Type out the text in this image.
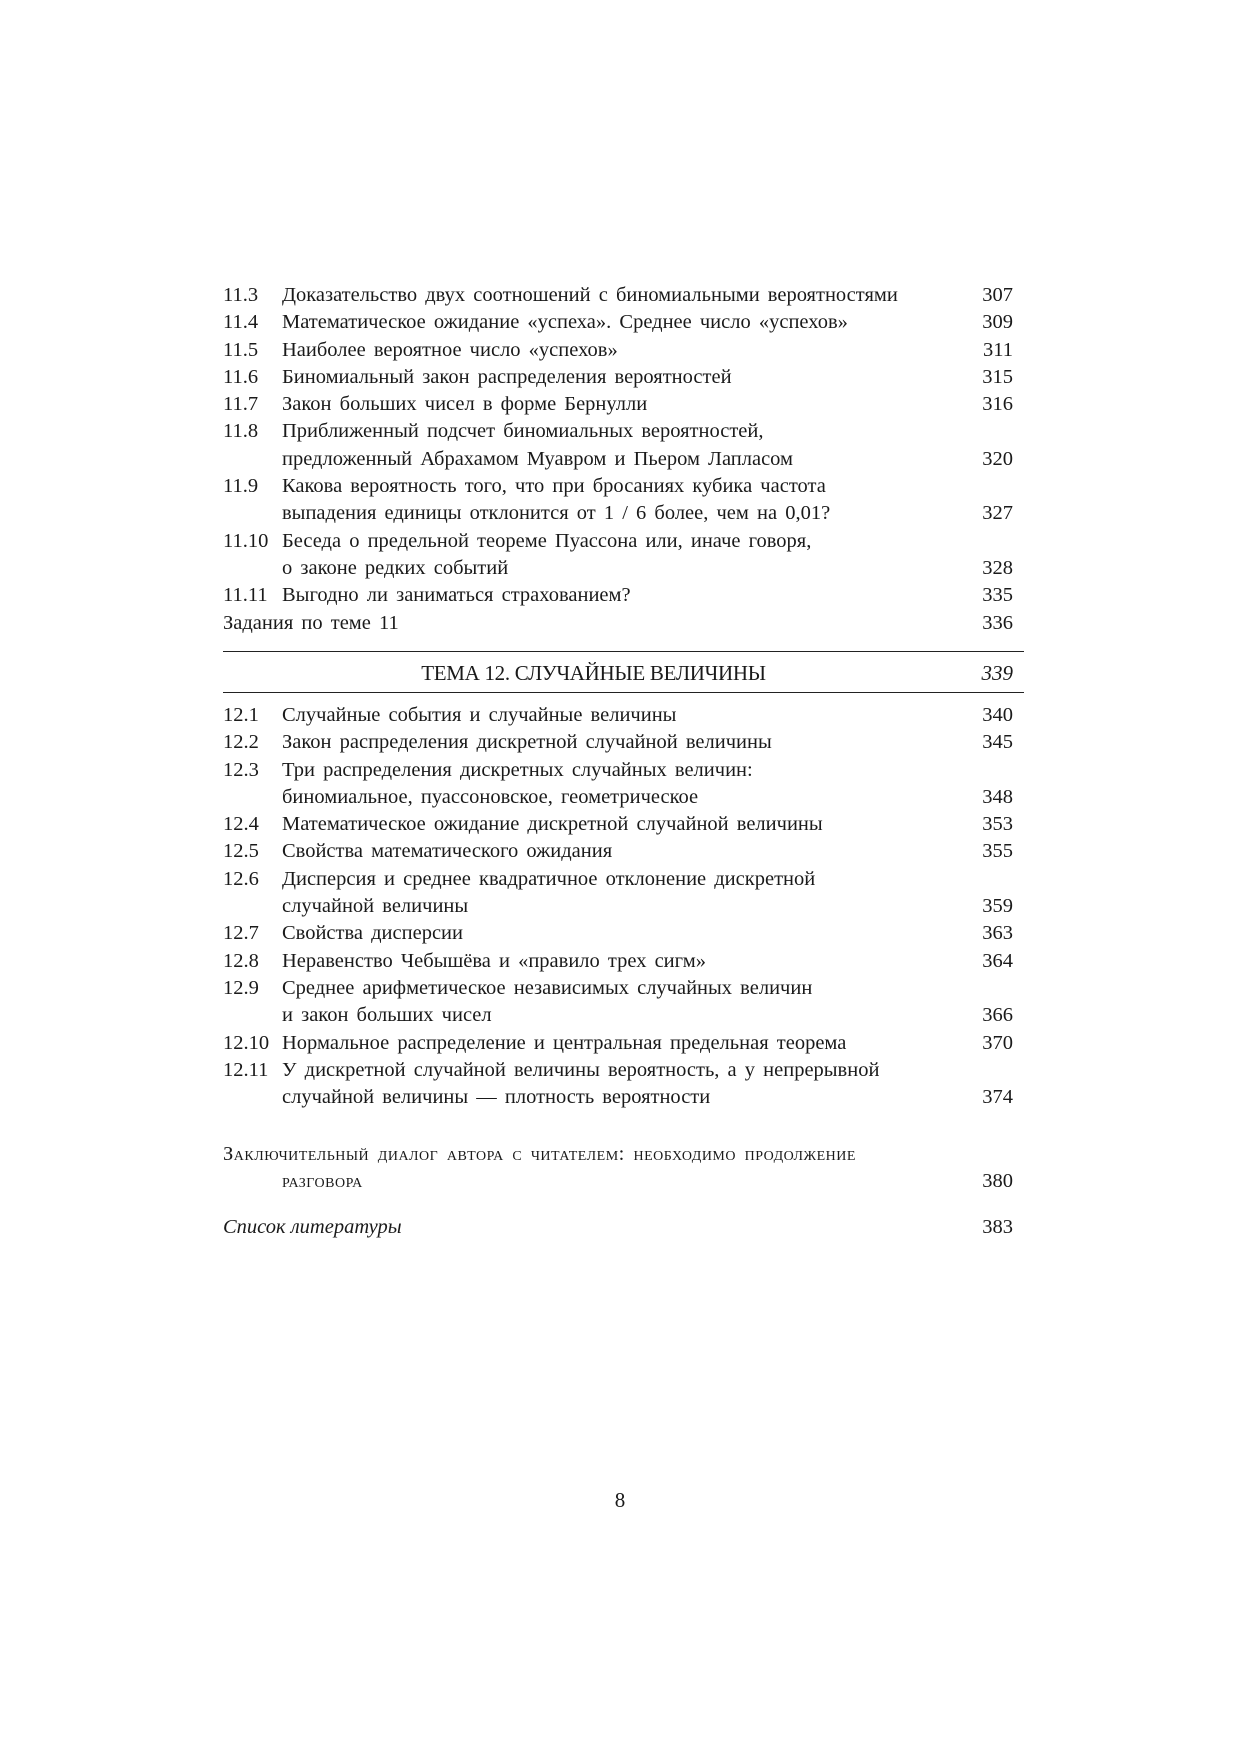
11.3	Доказательство двух соотношений с биномиальными вероятностями	307
11.4	Математическое ожидание «успеха». Среднее число «успехов»	309
11.5	Наиболее вероятное число «успехов»	311
11.6	Биномиальный закон распределения вероятностей	315
11.7	Закон больших чисел в форме Бернулли	316
11.8	Приближенный подсчет биномиальных вероятностей,
предложенный Абрахамом Муавром и Пьером Лапласом	320
11.9	Какова вероятность того, что при бросаниях кубика частота
выпадения единицы отклонится от 1 / 6 более, чем на 0,01?	327
11.10 Беседа о предельной теореме Пуассона или, иначе говоря,
о законе редких событий	328
11.11 Выгодно ли заниматься страхованием?	335
Задания по теме 11	336
ТЕМА 12. СЛУЧАЙНЫЕ ВЕЛИЧИНЫ	339
12.1	Случайные события и случайные величины	340
12.2	Закон распределения дискретной случайной величины	345
12.3	Три распределения дискретных случайных величин:
биномиальное, пуассоновское, геометрическое	348
12.4	Математическое ожидание дискретной случайной величины	353
12.5	Свойства математического ожидания	355
12.6	Дисперсия и среднее квадратичное отклонение дискретной
случайной величины	359
12.7	Свойства дисперсии	363
12.8	Неравенство Чебышёва и «правило трех сигм»	364
12.9	Среднее арифметическое независимых случайных величин
и закон больших чисел	366
12.10 Нормальное распределение и центральная предельная теорема	370
12.11 У дискретной случайной величины вероятность, а у непрерывной
случайной величины — плотность вероятности	374
Заключительный диалог автора с читателем: необходимо продолжение
разговора	380
Список литературы	383
8
